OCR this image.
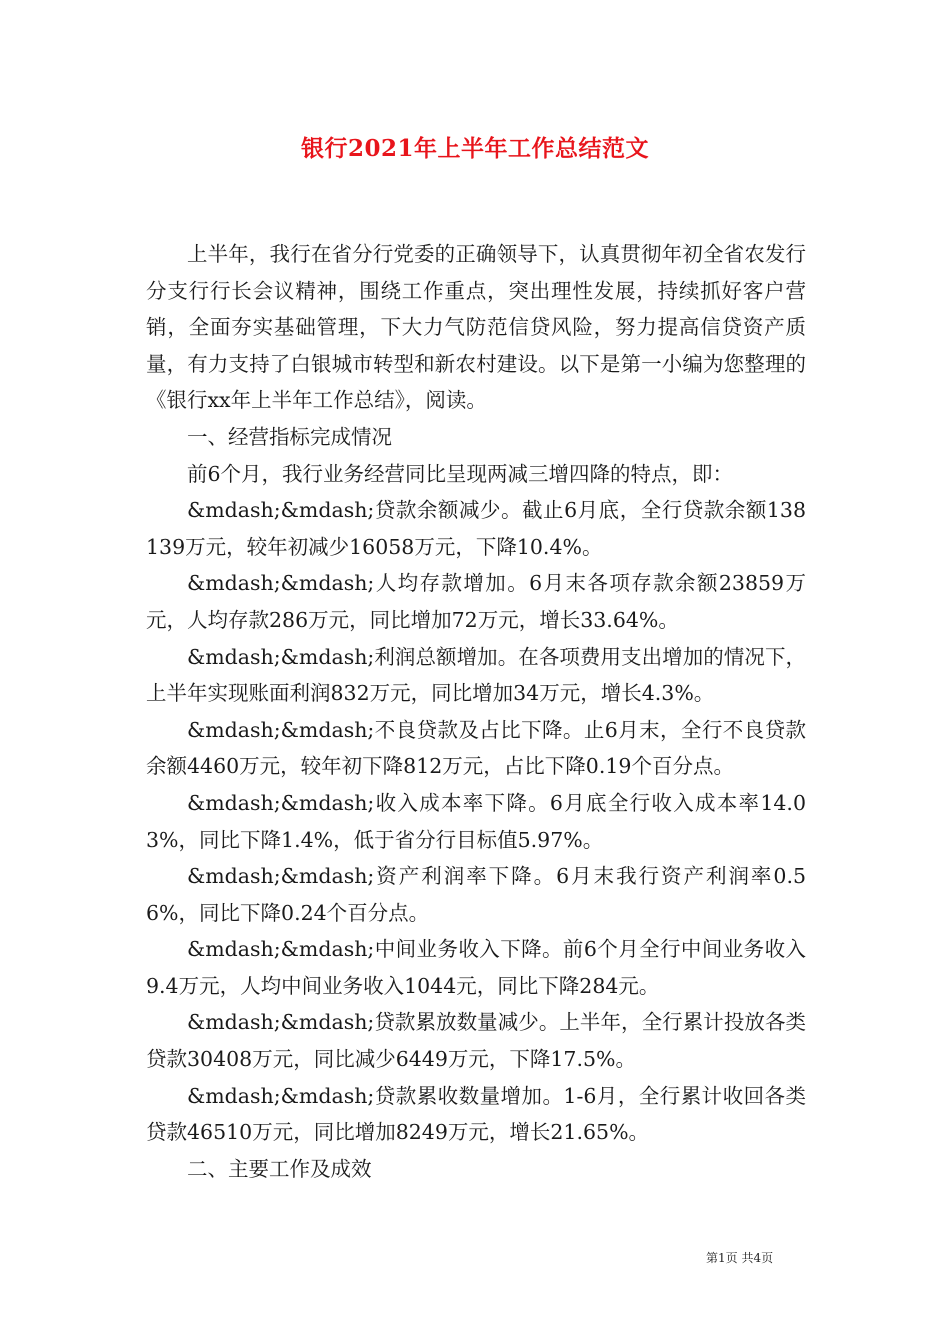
银行2021年上半年工作总结范文

上半年，我行在省分行党委的正确领导下，认真贯彻年初全省农发行分支行行长会议精神，围绕工作重点，突出理性发展，持续抓好客户营销，全面夯实基础管理，下大力气防范信贷风险，努力提高信贷资产质量，有力支持了白银城市转型和新农村建设。以下是第一小编为您整理的《银行xx年上半年工作总结》，阅读。

一、经营指标完成情况

前6个月，我行业务经营同比呈现两减三增四降的特点，即：

&mdash;&mdash;贷款余额减少。截止6月底，全行贷款余额138139万元，较年初减少16058万元，下降10.4%。

&mdash;&mdash;人均存款增加。6月末各项存款余额23859万元，人均存款286万元，同比增加72万元，增长33.64%。

&mdash;&mdash;利润总额增加。在各项费用支出增加的情况下，上半年实现账面利润832万元，同比增加34万元，增长4.3%。

&mdash;&mdash;不良贷款及占比下降。止6月末，全行不良贷款余额4460万元，较年初下降812万元，占比下降0.19个百分点。

&mdash;&mdash;收入成本率下降。6月底全行收入成本率14.03%，同比下降1.4%，低于省分行目标值5.97%。

&mdash;&mdash;资产利润率下降。6月末我行资产利润率0.56%，同比下降0.24个百分点。

&mdash;&mdash;中间业务收入下降。前6个月全行中间业务收入9.4万元，人均中间业务收入1044元，同比下降284元。

&mdash;&mdash;贷款累放数量减少。上半年，全行累计投放各类贷款30408万元，同比减少6449万元，下降17.5%。

&mdash;&mdash;贷款累收数量增加。1-6月，全行累计收回各类贷款46510万元，同比增加8249万元，增长21.65%。

二、主要工作及成效

第1页 共4页
